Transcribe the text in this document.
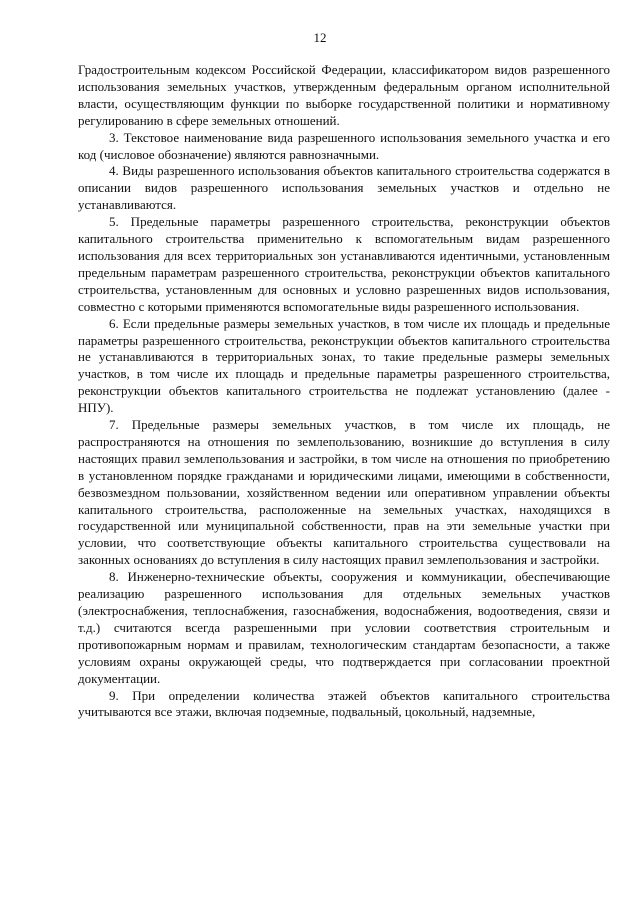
12

Градостроительным кодексом Российской Федерации, классификатором видов разрешенного использования земельных участков, утвержденным федеральным органом исполнительной власти, осуществляющим функции по выборке государственной политики и нормативному регулированию в сфере земельных отношений.

3. Текстовое наименование вида разрешенного использования земельного участка и его код (числовое обозначение) являются равнозначными.

4. Виды разрешенного использования объектов капитального строительства содержатся в описании видов разрешенного использования земельных участков и отдельно не устанавливаются.

5. Предельные параметры разрешенного строительства, реконструкции объектов капитального строительства применительно к вспомогательным видам разрешенного использования для всех территориальных зон устанавливаются идентичными, установленным предельным параметрам разрешенного строительства, реконструкции объектов капитального строительства, установленным для основных и условно разрешенных видов использования, совместно с которыми применяются вспомогательные виды разрешенного использования.

6. Если предельные размеры земельных участков, в том числе их площадь и предельные параметры разрешенного строительства, реконструкции объектов капитального строительства не устанавливаются в территориальных зонах, то такие предельные размеры земельных участков, в том числе их площадь и предельные параметры разрешенного строительства, реконструкции объектов капитального строительства не подлежат установлению (далее - НПУ).

7. Предельные размеры земельных участков, в том числе их площадь, не распространяются на отношения по землепользованию, возникшие до вступления в силу настоящих правил землепользования и застройки, в том числе на отношения по приобретению в установленном порядке гражданами и юридическими лицами, имеющими в собственности, безвозмездном пользовании, хозяйственном ведении или оперативном управлении объекты капитального строительства, расположенные на земельных участках, находящихся в государственной или муниципальной собственности, прав на эти земельные участки при условии, что соответствующие объекты капитального строительства существовали на законных основаниях до вступления в силу настоящих правил землепользования и застройки.

8. Инженерно-технические объекты, сооружения и коммуникации, обеспечивающие реализацию разрешенного использования для отдельных земельных участков (электроснабжения, теплоснабжения, газоснабжения, водоснабжения, водоотведения, связи и т.д.) считаются всегда разрешенными при условии соответствия строительным и противопожарным нормам и правилам, технологическим стандартам безопасности, а также условиям охраны окружающей среды, что подтверждается при согласовании проектной документации.

9. При определении количества этажей объектов капитального строительства учитываются все этажи, включая подземные, подвальный, цокольный, надземные,
